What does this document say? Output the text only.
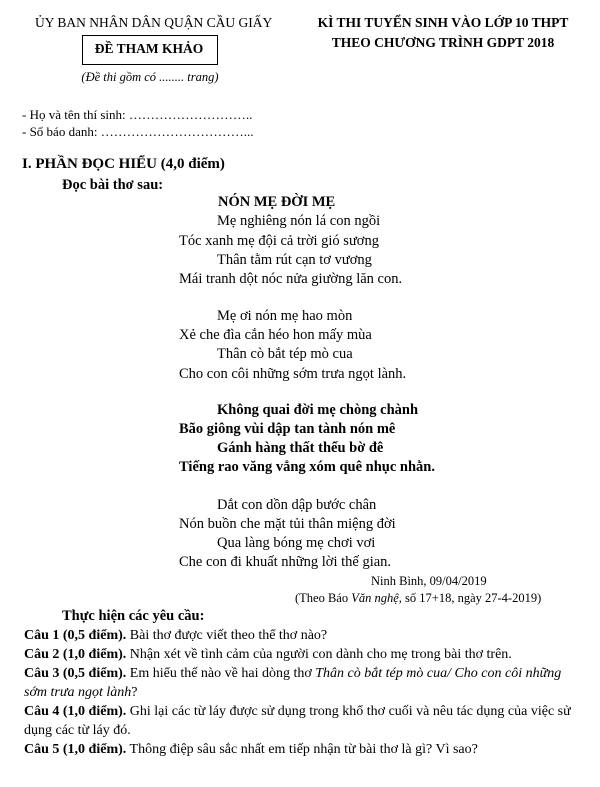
ỦY BAN NHÂN DÂN QUẬN CẦU GIẤY
ĐỀ THAM KHẢO
(Đề thi gồm có ........ trang)
KÌ THI TUYỂN SINH VÀO LỚP 10 THPT
THEO CHƯƠNG TRÌNH GDPT 2018
- Họ và tên thí sinh: ………………………..
- Số báo danh: ……………………………...
I. PHẦN ĐỌC HIỂU (4,0 điểm)
Đọc bài thơ sau:
NÓN MẸ ĐỜI MẸ
Mẹ nghiêng nón lá con ngồi
Tóc xanh mẹ đội cả trời gió sương
Thân tằm rút cạn tơ vương
Mái tranh dột nóc nửa giường lăn con.
Mẹ ơi nón mẹ hao mòn
Xẻ che đìa cắn héo hon mấy mùa
Thân cò bắt tép mò cua
Cho con côi những sớm trưa ngọt lành.
Không quai đời mẹ chòng chành
Bão giông vùi dập tan tành nón mê
Gánh hàng thất thểu bờ đê
Tiếng rao văng vẳng xóm quê nhục nhằn.
Dắt con dồn dập bước chân
Nón buồn che mặt tủi thân miệng đời
Qua làng bóng mẹ chơi vơi
Che con đi khuất những lời thế gian.
Ninh Bình, 09/04/2019
(Theo Báo Văn nghệ, số 17+18, ngày 27-4-2019)
Thực hiện các yêu cầu:
Câu 1 (0,5 điểm). Bài thơ được viết theo thể thơ nào?
Câu 2 (1,0 điểm). Nhận xét về tình cảm của người con dành cho mẹ trong bài thơ trên.
Câu 3 (0,5 điểm). Em hiểu thế nào về hai dòng thơ Thân cò bắt tép mò cua/ Cho con côi những sớm trưa ngọt lành?
Câu 4 (1,0 điểm). Ghi lại các từ láy được sử dụng trong khổ thơ cuối và nêu tác dụng của việc sử dụng các từ láy đó.
Câu 5 (1,0 điểm). Thông điệp sâu sắc nhất em tiếp nhận từ bài thơ là gì? Vì sao?
